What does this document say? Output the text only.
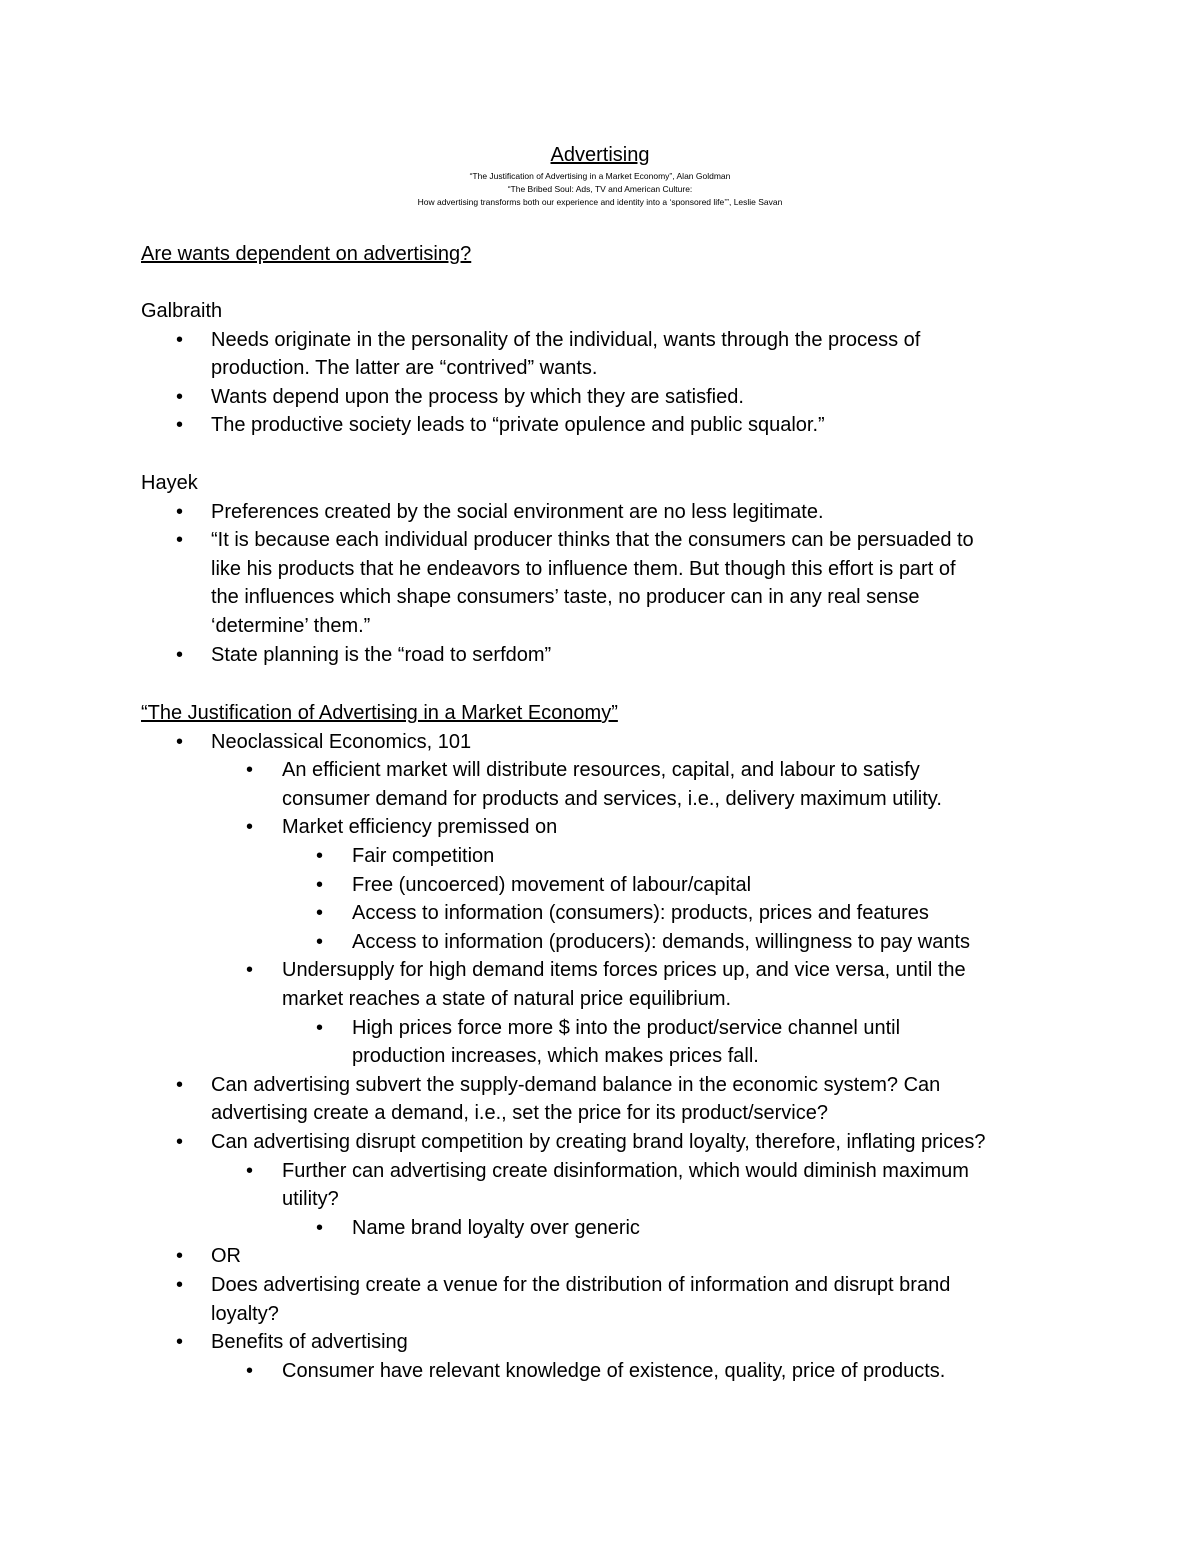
Advertising
“The Justification of Advertising in a Market Economy”, Alan Goldman
“The Bribed Soul: Ads, TV and American Culture:
How advertising transforms both our experience and identity into a ‘sponsored life’”, Leslie Savan
Are wants dependent on advertising?
Galbraith
• Needs originate in the personality of the individual, wants through the process of
production. The latter are “contrived” wants.
• Wants depend upon the process by which they are satisfied.
• The productive society leads to “private opulence and public squalor.”
Hayek
• Preferences created by the social environment are no less legitimate.
• “It is because each individual producer thinks that the consumers can be persuaded to
like his products that he endeavors to influence them. But though this effort is part of
the influences which shape consumers’ taste, no producer can in any real sense
‘determine’ them.”
• State planning is the “road to serfdom”
“The Justification of Advertising in a Market Economy”
• Neoclassical Economics, 101
• An efficient market will distribute resources, capital, and labour to satisfy
consumer demand for products and services, i.e., delivery maximum utility.
• Market efficiency premissed on
• Fair competition
• Free (uncoerced) movement of labour/capital
• Access to information (consumers): products, prices and features
• Access to information (producers): demands, willingness to pay wants
• Undersupply for high demand items forces prices up, and vice versa, until the
market reaches a state of natural price equilibrium.
• High prices force more $ into the product/service channel until
production increases, which makes prices fall.
• Can advertising subvert the supply-demand balance in the economic system? Can
advertising create a demand, i.e., set the price for its product/service?
• Can advertising disrupt competition by creating brand loyalty, therefore, inflating prices?
• Further can advertising create disinformation, which would diminish maximum
utility?
• Name brand loyalty over generic
• OR
• Does advertising create a venue for the distribution of information and disrupt brand
loyalty?
• Benefits of advertising
• Consumer have relevant knowledge of existence, quality, price of products.
